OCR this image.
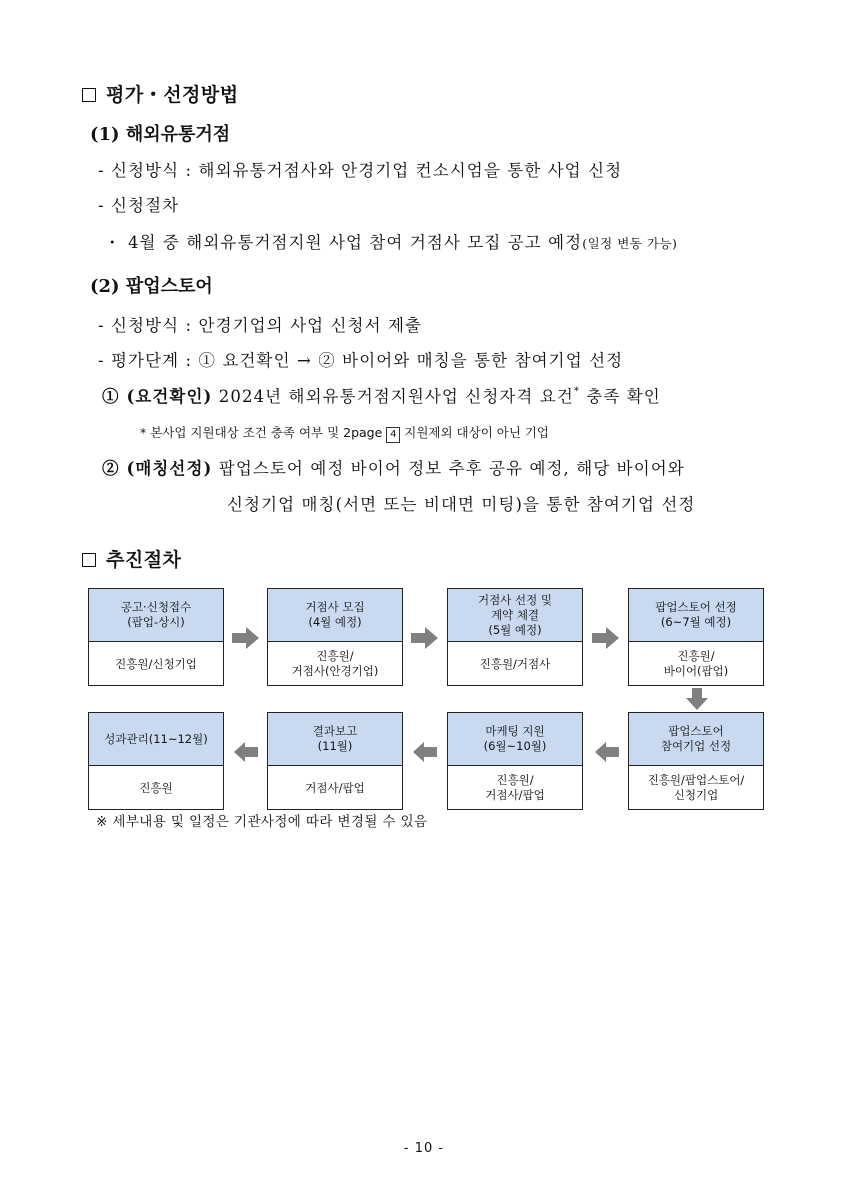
평가・선정방법
(1) 해외유통거점
- 신청방식 : 해외유통거점사와 안경기업 컨소시엄을 통한 사업 신청
- 신청절차
・ 4월 중 해외유통거점지원 사업 참여 거점사 모집 공고 예정(일정 변동 가능)
(2) 팝업스토어
- 신청방식 : 안경기업의 사업 신청서 제출
- 평가단계 : ① 요건확인 → ② 바이어와 매칭을 통한 참여기업 선정
① (요건확인) 2024년 해외유통거점지원사업 신청자격 요건* 충족 확인
* 본사업 지원대상 조건 충족 여부 및 2page 4 지원제외 대상이 아닌 기업
② (매칭선정) 팝업스토어 예정 바이어 정보 추후 공유 예정, 해당 바이어와
신청기업 매칭(서면 또는 비대면 미팅)을 통한 참여기업 선정
추진절차
공고·신청접수
(팝업-상시)
진흥원/신청기업
거점사 모집
(4월 예정)
진흥원/
거점사(안경기업)
거점사 선정 및
계약 체결
(5월 예정)
진흥원/거점사
팝업스토어 선정
(6~7월 예정)
진흥원/
바이어(팝업)
팝업스토어
참여기업 선정
진흥원/팝업스토어/
신청기업
마케팅 지원
(6월~10월)
진흥원/
거점사/팝업
결과보고
(11월)
거점사/팝업
성과관리(11~12월)
진흥원
※ 세부내용 및 일정은 기관사정에 따라 변경될 수 있음
- 10 -
